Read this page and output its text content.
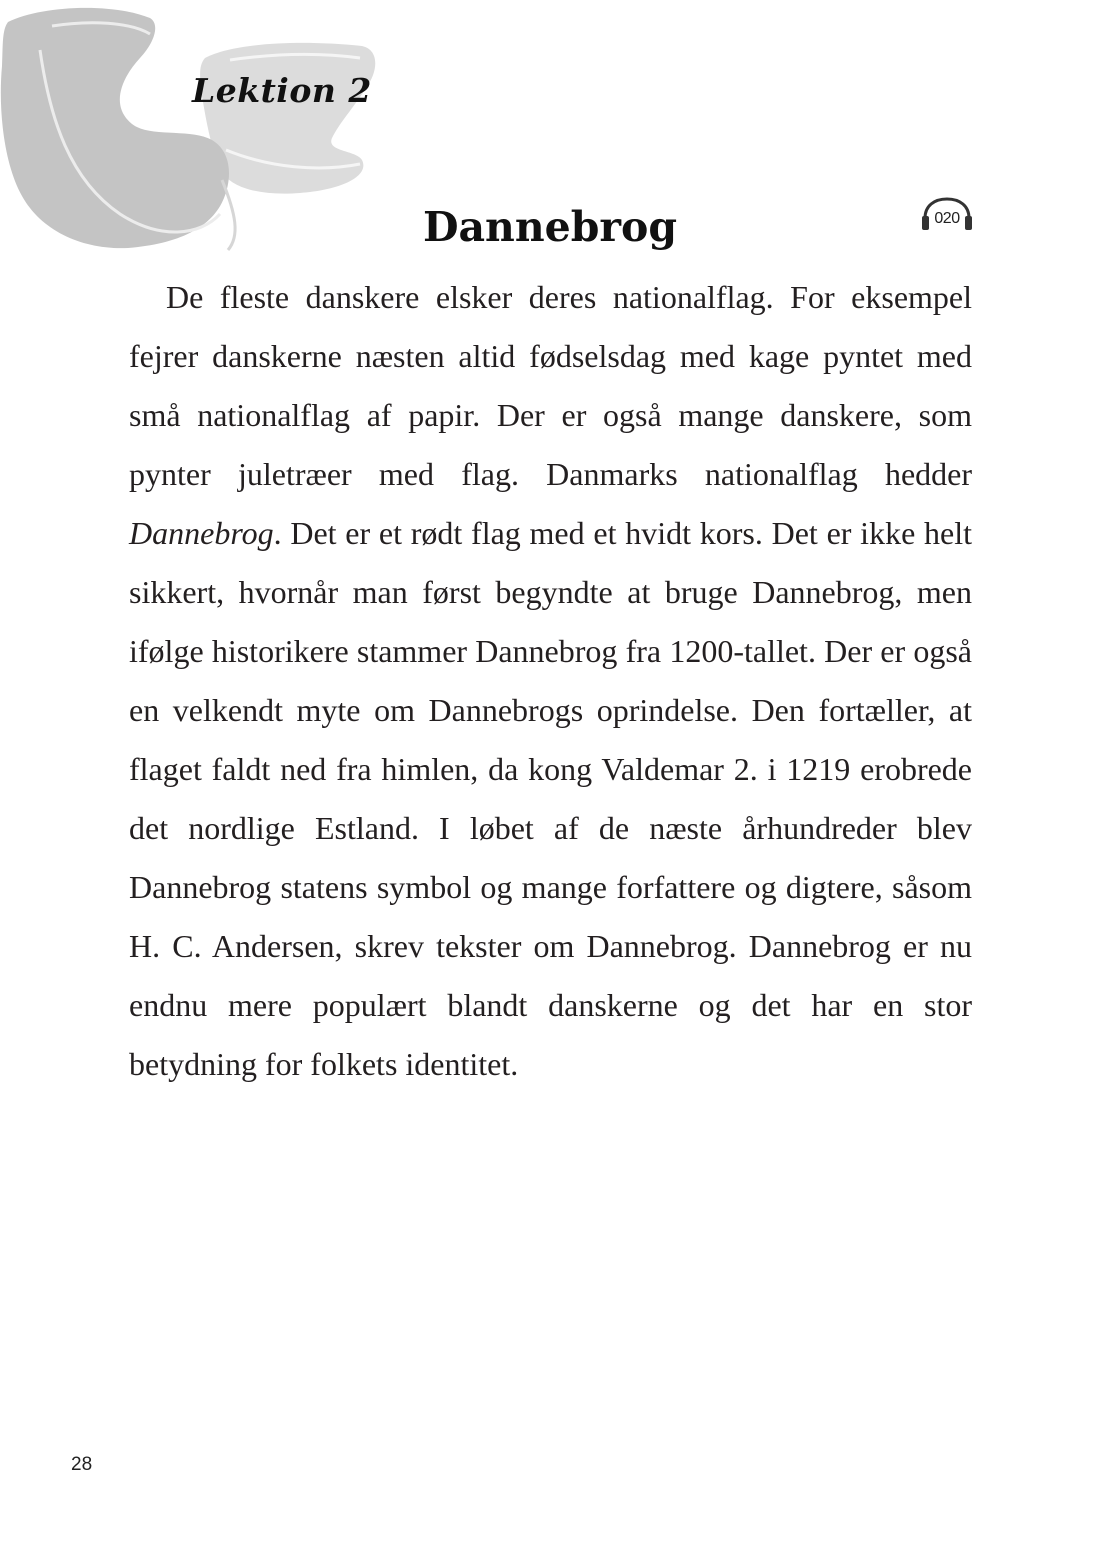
Lektion 2
Dannebrog	020

De fleste danskere elsker deres nationalflag. For eksempel fejrer danskerne næsten altid fødselsdag med kage pyntet med små nationalflag af papir. Der er også mange danskere, som pynter juletræer med flag. Danmarks nationalflag hedder Dannebrog. Det er et rødt flag med et hvidt kors. Det er ikke helt sikkert, hvornår man først begyndte at bruge Dannebrog, men ifølge historikere stammer Dannebrog fra 1200-tallet. Der er også en velkendt myte om Dannebrogs oprindelse. Den fortæller, at flaget faldt ned fra himlen, da kong Valdemar 2. i 1219 erobrede det nordlige Estland. I løbet af de næste århundreder blev Dannebrog statens symbol og mange forfattere og digtere, såsom H. C. Andersen, skrev tekster om Dannebrog. Dannebrog er nu endnu mere populært blandt danskerne og det har en stor betydning for folkets identitet.

28
